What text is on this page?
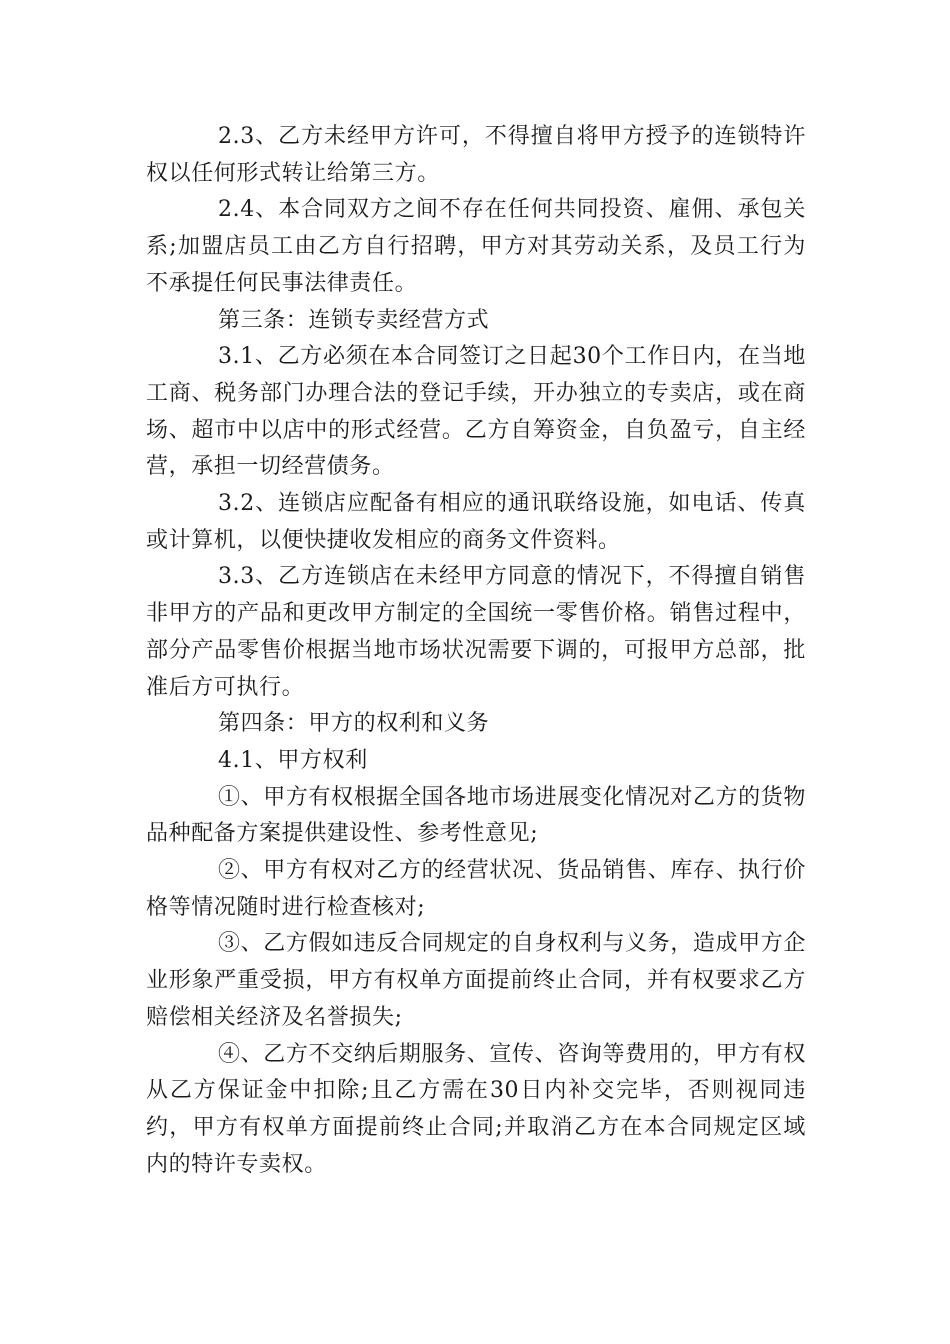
2.3、乙方未经甲方许可，不得擅自将甲方授予的连锁特许权以任何形式转让给第三方。

2.4、本合同双方之间不存在任何共同投资、雇佣、承包关系;加盟店员工由乙方自行招聘，甲方对其劳动关系，及员工行为不承提任何民事法律责任。

第三条：连锁专卖经营方式

3.1、乙方必须在本合同签订之日起30个工作日内，在当地工商、税务部门办理合法的登记手续，开办独立的专卖店，或在商场、超市中以店中的形式经营。乙方自筹资金，自负盈亏，自主经营，承担一切经营债务。

3.2、连锁店应配备有相应的通讯联络设施，如电话、传真或计算机，以便快捷收发相应的商务文件资料。

3.3、乙方连锁店在未经甲方同意的情况下，不得擅自销售非甲方的产品和更改甲方制定的全国统一零售价格。销售过程中，部分产品零售价根据当地市场状况需要下调的，可报甲方总部，批准后方可执行。

第四条：甲方的权利和义务

4.1、甲方权利

①、甲方有权根据全国各地市场进展变化情况对乙方的货物品种配备方案提供建设性、参考性意见;

②、甲方有权对乙方的经营状况、货品销售、库存、执行价格等情况随时进行检查核对;

③、乙方假如违反合同规定的自身权利与义务，造成甲方企业形象严重受损，甲方有权单方面提前终止合同，并有权要求乙方赔偿相关经济及名誉损失;

④、乙方不交纳后期服务、宣传、咨询等费用的，甲方有权从乙方保证金中扣除;且乙方需在30日内补交完毕，否则视同违约，甲方有权单方面提前终止合同;并取消乙方在本合同规定区域内的特许专卖权。
